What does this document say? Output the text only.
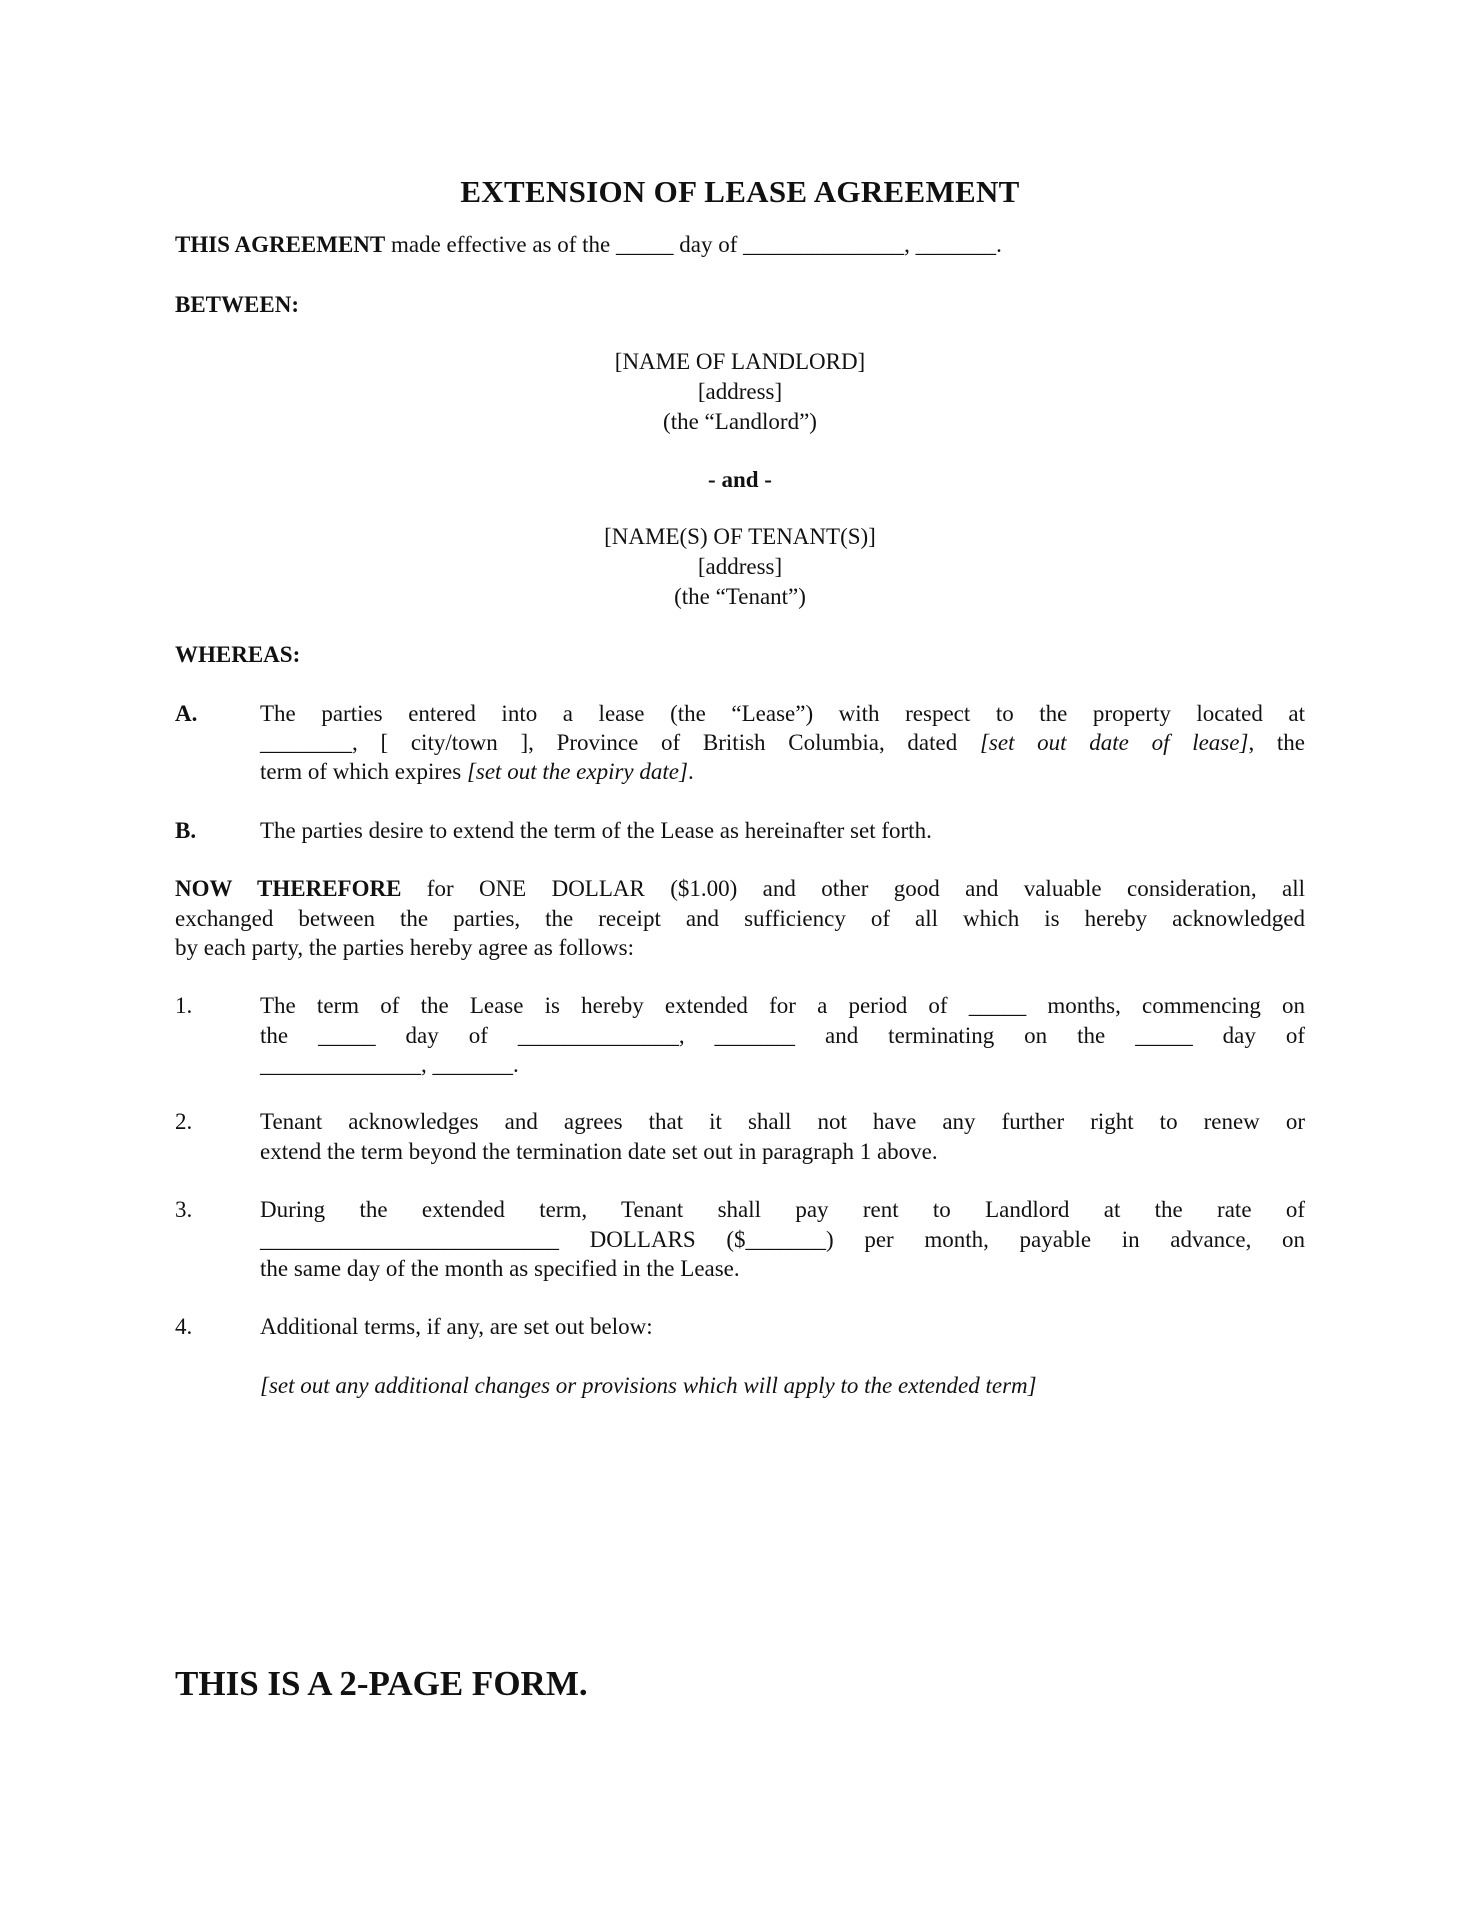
EXTENSION OF LEASE AGREEMENT
THIS AGREEMENT made effective as of the _____ day of ______________, _______.
BETWEEN:
[NAME OF LANDLORD]
[address]
(the “Landlord”)
- and -
[NAME(S) OF TENANT(S)]
[address]
(the “Tenant”)
WHEREAS:
A.	The parties entered into a lease (the “Lease”) with respect to the property located at
________, [ city/town ], Province of British Columbia, dated [set out date of lease], the
term of which expires [set out the expiry date].
B.	The parties desire to extend the term of the Lease as hereinafter set forth.
NOW THEREFORE for ONE DOLLAR ($1.00) and other good and valuable consideration, all
exchanged between the parties, the receipt and sufficiency of all which is hereby acknowledged
by each party, the parties hereby agree as follows:
1.	The term of the Lease is hereby extended for a period of _____ months, commencing on
the _____ day of ______________, _______ and terminating on the _____ day of
______________, _______.
2.	Tenant acknowledges and agrees that it shall not have any further right to renew or
extend the term beyond the termination date set out in paragraph 1 above.
3.	During the extended term, Tenant shall pay rent to Landlord at the rate of
__________________________ DOLLARS ($_______) per month, payable in advance, on
the same day of the month as specified in the Lease.
4.	Additional terms, if any, are set out below:
[set out any additional changes or provisions which will apply to the extended term]
THIS IS A 2-PAGE FORM.
